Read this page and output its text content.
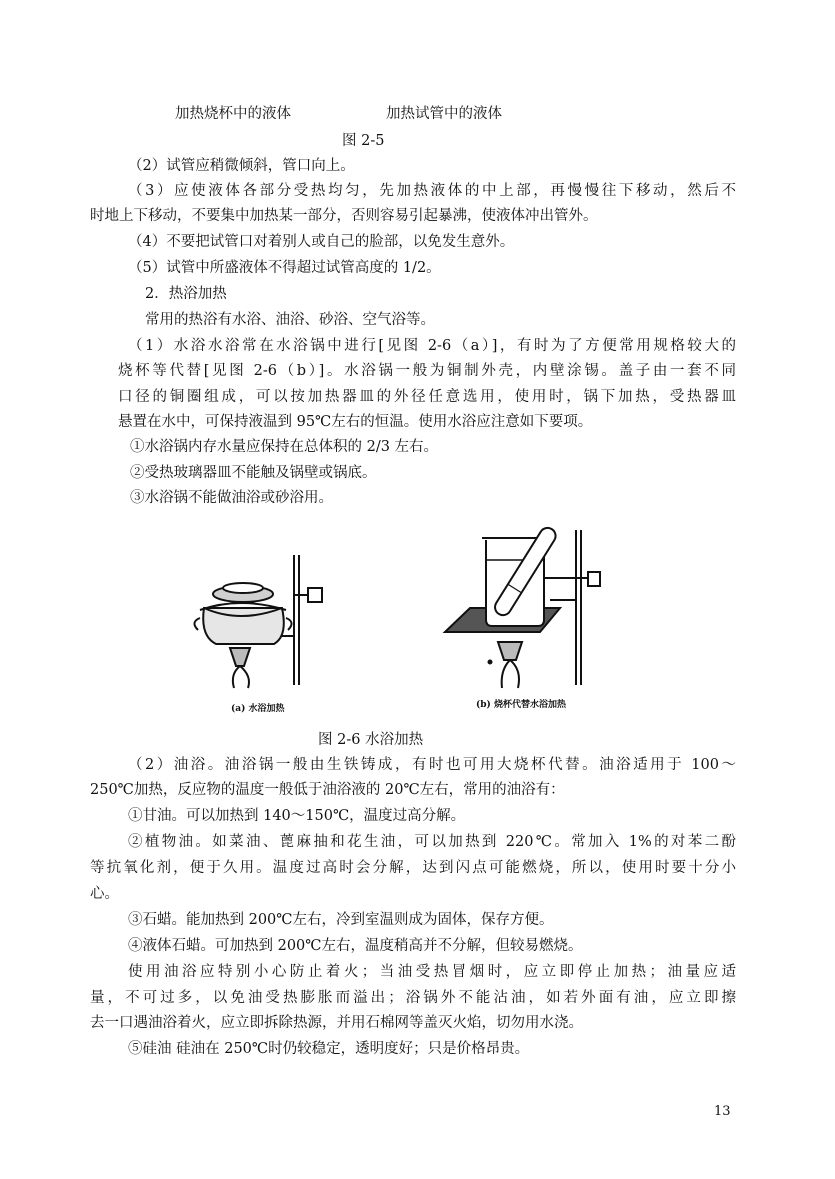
加热烧杯中的液体	加热试管中的液体
图 2-5
（2）试管应稍微倾斜，管口向上。
（3）应使液体各部分受热均匀，先加热液体的中上部，再慢慢往下移动，然后不
时地上下移动，不要集中加热某一部分，否则容易引起暴沸，使液体冲出管外。
（4）不要把试管口对着别人或自己的脸部，以免发生意外。
（5）试管中所盛液体不得超过试管高度的 1/2。
2．热浴加热
常用的热浴有水浴、油浴、砂浴、空气浴等。
（1）水浴水浴常在水浴锅中进行[见图 2-6（a）]，有时为了方便常用规格较大的
烧杯等代替[见图 2-6（b）]。水浴锅一般为铜制外壳，内壁涂锡。盖子由一套不同
口径的铜圈组成，可以按加热器皿的外径任意选用，使用时，锅下加热，受热器皿
悬置在水中，可保持液温到 95℃左右的恒温。使用水浴应注意如下要项。
①水浴锅内存水量应保持在总体积的 2/3 左右。
②受热玻璃器皿不能触及锅壁或锅底。
③水浴锅不能做油浴或砂浴用。
(a) 水浴加热	(b) 烧杯代替水浴加热
图 2-6 水浴加热
（2）油浴。油浴锅一般由生铁铸成，有时也可用大烧杯代替。油浴适用于 100～
250℃加热，反应物的温度一般低于油浴液的 20℃左右，常用的油浴有：
①甘油。可以加热到 140～150℃，温度过高分解。
②植物油。如菜油、蓖麻抽和花生油，可以加热到 220℃。常加入 1%的对苯二酚
等抗氧化剂，便于久用。温度过高时会分解，达到闪点可能燃烧，所以，使用时要十分小
心。
③石蜡。能加热到 200℃左右，冷到室温则成为固体，保存方便。
④液体石蜡。可加热到 200℃左右，温度稍高并不分解，但较易燃烧。
使用油浴应特别小心防止着火；当油受热冒烟时，应立即停止加热；油量应适
量，不可过多，以免油受热膨胀而溢出；浴锅外不能沾油，如若外面有油，应立即擦
去一口遇油浴着火，应立即拆除热源，并用石棉网等盖灭火焰，切勿用水浇。
⑤硅油 硅油在 250℃时仍较稳定，透明度好；只是价格昂贵。
13
